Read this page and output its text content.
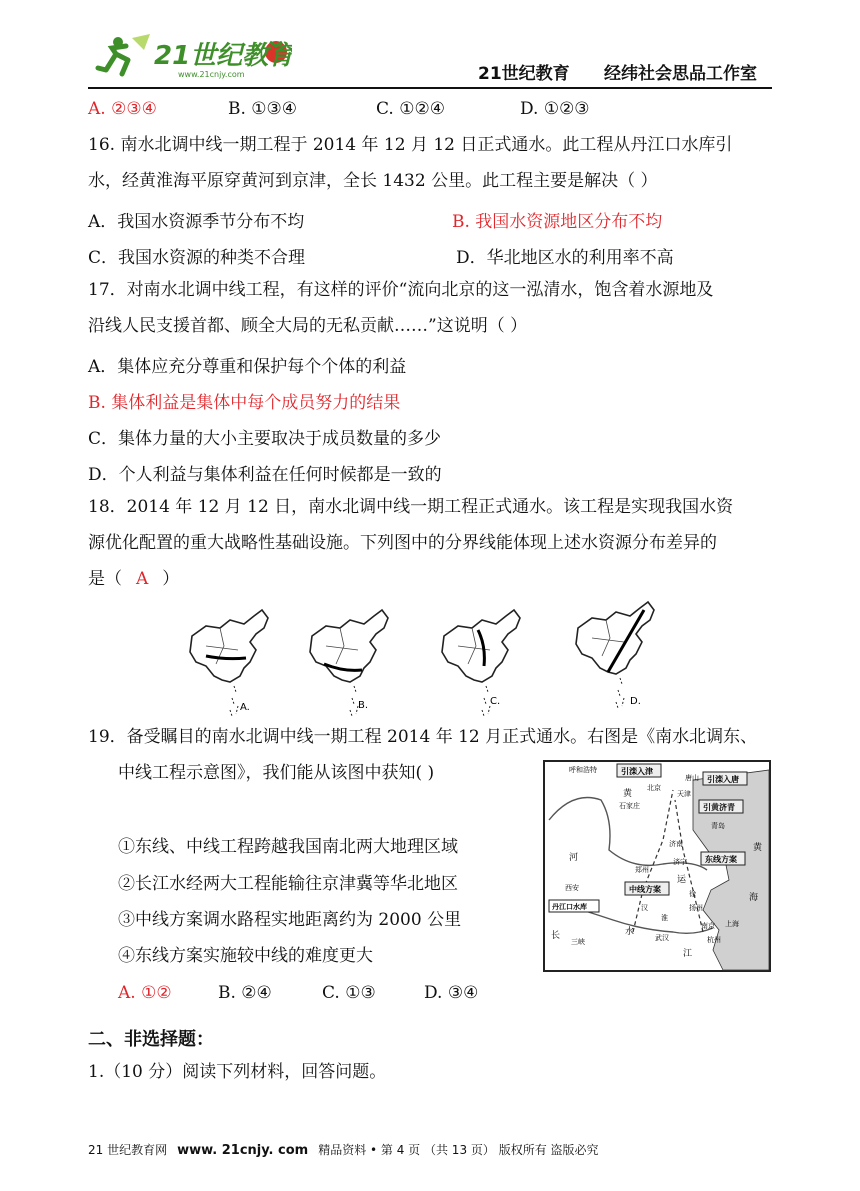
21世纪教育
www.21cnjy.com	21世纪教育 经纬社会思品工作室
A. ②③④	B. ①③④	C. ①②④	D. ①②③
16. 南水北调中线一期工程于 2014 年 12 月 12 日正式通水。此工程从丹江口水库引
水，经黄淮海平原穿黄河到京津，全长 1432 公里。此工程主要是解决（ ）
A．我国水资源季节分布不均	B. 我国水资源地区分布不均
C．我国水资源的种类不合理	D．华北地区水的利用率不高
17．对南水北调中线工程，有这样的评价“流向北京的这一泓清水，饱含着水源地及
沿线人民支援首都、顾全大局的无私贡献……”这说明（ ）
A．集体应充分尊重和保护每个个体的利益
B. 集体利益是集体中每个成员努力的结果
C．集体力量的大小主要取决于成员数量的多少
D．个人利益与集体利益在任何时候都是一致的
18．2014 年 12 月 12 日，南水北调中线一期工程正式通水。该工程是实现我国水资
源优化配置的重大战略性基础设施。下列图中的分界线能体现上述水资源分布差异的
是（ A ）
A.	B.	C.	D.
19．备受瞩目的南水北调中线一期工程 2014 年 12 月正式通水。右图是《南水北调东、
中线工程示意图》，我们能从该图中获知( )
①东线、中线工程跨越我国南北两大地理区域
②长江水经两大工程能输往京津冀等华北地区
③中线方案调水路程实地距离约为 2000 公里
④东线方案实施较中线的难度更大
A. ①②	B. ②④	C. ①③	D. ③④
引滦入津
引滦入唐
引黄济青
东线方案
中线方案
呼和浩特
北京
天津
唐山
石家庄
济南
青岛
郑州
济宁
西安
汉
淮
武汉
扬州
南京 上海
杭州
三峡
江
河
黄
海
长	水
运
黄
徐
丹江口水库
二、非选择题：
1.（10 分）阅读下列材料，回答问题。
21 世纪教育网 www. 21cnjy. com 精品资料 • 第 4 页 （共 13 页） 版权所有 盗版必究
